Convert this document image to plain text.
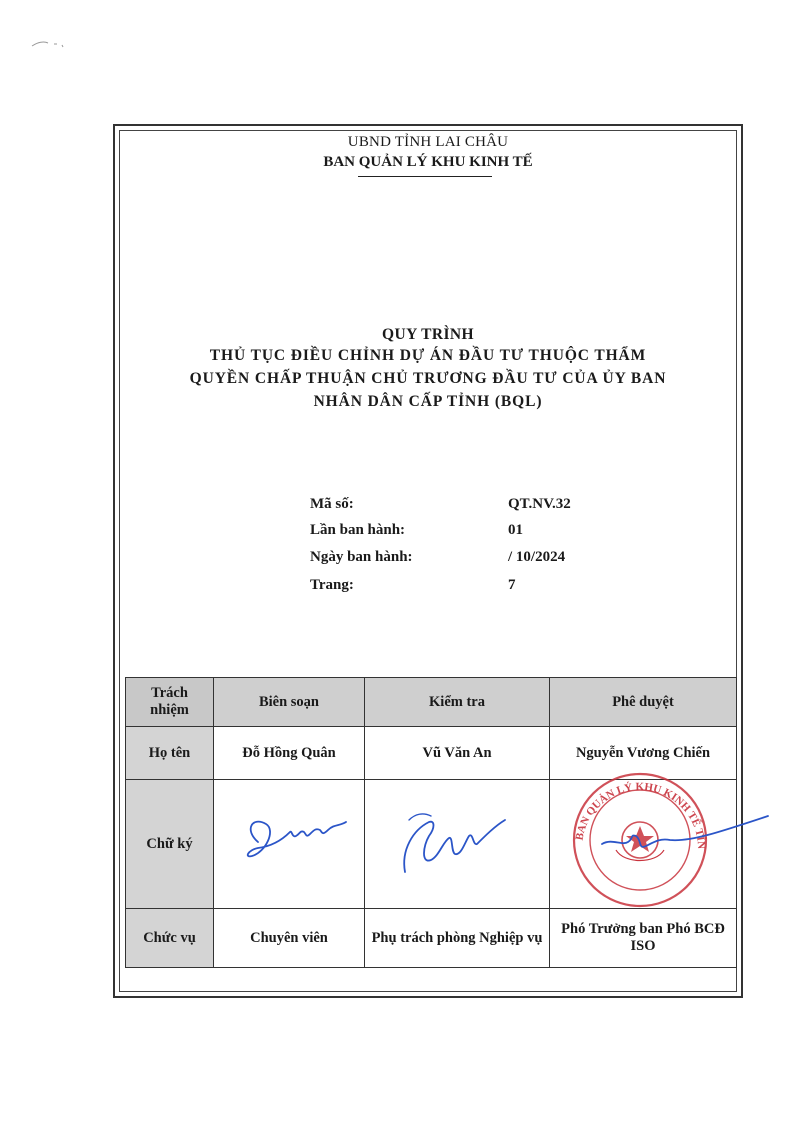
UBND TỈNH LAI CHÂU
BAN QUẢN LÝ KHU KINH TẾ
QUY TRÌNH
THỦ TỤC ĐIỀU CHỈNH DỰ ÁN ĐẦU TƯ THUỘC THẨM
QUYỀN CHẤP THUẬN CHỦ TRƯƠNG ĐẦU TƯ CỦA ỦY BAN
NHÂN DÂN CẤP TỈNH (BQL)
Mã số:	QT.NV.32
Lần ban hành:	01
Ngày ban hành:	/ 10/2024
Trang:	7
Trách nhiệm	Biên soạn	Kiểm tra	Phê duyệt
Họ tên	Đỗ Hồng Quân	Vũ Văn An	Nguyễn Vương Chiến
Chữ ký			BAN QUẢN LÝ KHU KINH TẾ TỈNH LAI CHÂU

Chức vụ	Chuyên viên	Phụ trách phòng Nghiệp vụ	Phó Trưởng ban Phó BCĐ ISO
